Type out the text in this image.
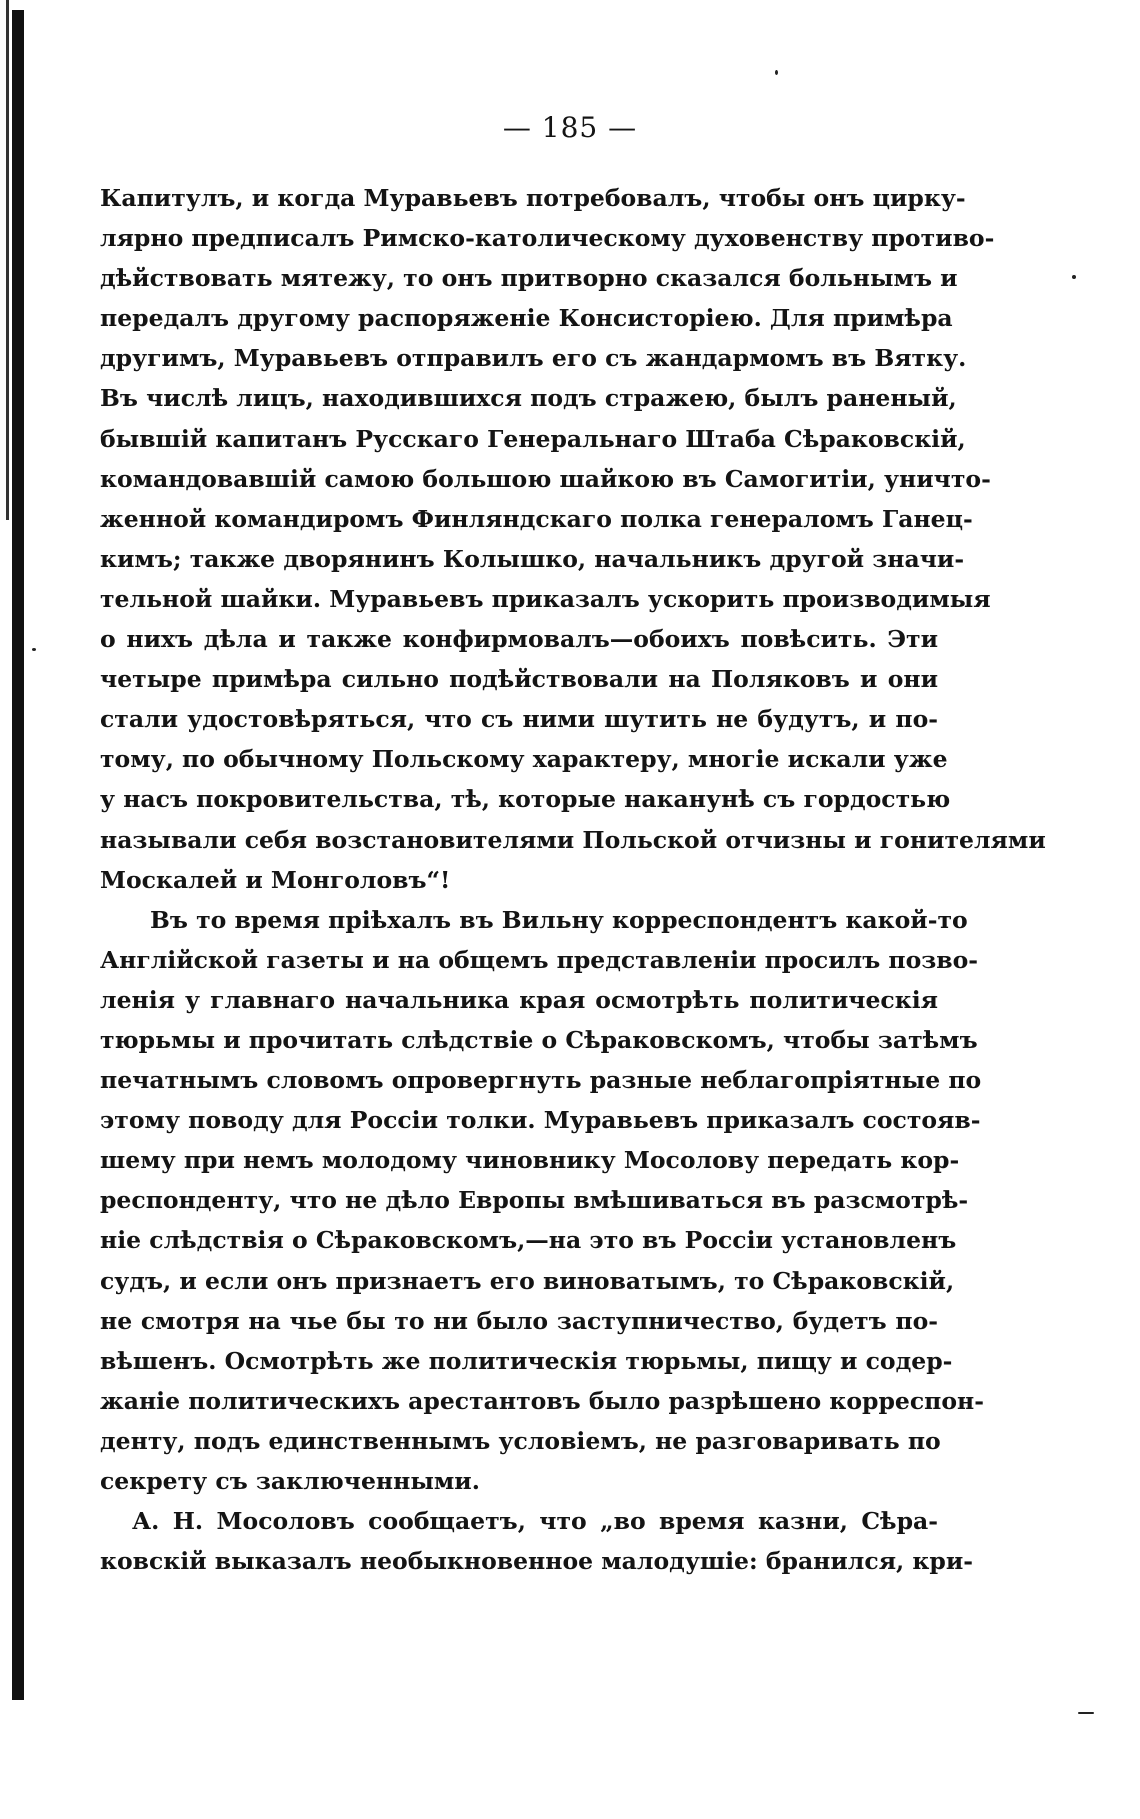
— 185 —
Капитулъ, и когда Муравьевъ потребовалъ, чтобы онъ цирку-
лярно предписалъ Римско-католическому духовенству противо-
дѣйствовать мятежу, то онъ притворно сказался больнымъ и
передалъ другому распоряженіе Консисторіею. Для примѣра
другимъ, Муравьевъ отправилъ его съ жандармомъ въ Вятку.
Въ числѣ лицъ, находившихся подъ стражею, былъ раненый,
бывшій капитанъ Русскаго Генеральнаго Штаба Сѣраковскій,
командовавшій самою большою шайкою въ Самогитіи, уничто-
женной командиромъ Финляндскаго полка генераломъ Ганец-
кимъ; также дворянинъ Колышко, начальникъ другой значи-
тельной шайки. Муравьевъ приказалъ ускорить производимыя
о нихъ дѣла и также конфирмовалъ—обоихъ повѣсить. Эти
четыре примѣра сильно подѣйствовали на Поляковъ и они
стали удостовѣряться, что съ ними шутить не будутъ, и по-
тому, по обычному Польскому характеру, многіе искали уже
у насъ покровительства, тѣ, которые наканунѣ съ гордостью
называли себя возстановителями Польской отчизны и гонителями
Москалей и Монголовъ“!
Въ то время пріѣхалъ въ Вильну корреспондентъ какой-то
Англійской газеты и на общемъ представленіи просилъ позво-
ленія у главнаго начальника края осмотрѣть политическія
тюрьмы и прочитать слѣдствіе о Сѣраковскомъ, чтобы затѣмъ
печатнымъ словомъ опровергнуть разные неблагопріятные по
этому поводу для Россіи толки. Муравьевъ приказалъ состояв-
шему при немъ молодому чиновнику Мосолову передать кор-
респонденту, что не дѣло Европы вмѣшиваться въ разсмотрѣ-
ніе слѣдствія о Сѣраковскомъ,—на это въ Россіи установленъ
судъ, и если онъ признаетъ его виноватымъ, то Сѣраковскій,
не смотря на чье бы то ни было заступничество, будетъ по-
вѣшенъ. Осмотрѣть же политическія тюрьмы, пищу и содер-
жаніе политическихъ арестантовъ было разрѣшено корреспон-
денту, подъ единственнымъ условіемъ, не разговаривать по
секрету съ заключенными.
А. Н. Мосоловъ сообщаетъ, что „во время казни, Сѣра-
ковскій выказалъ необыкновенное малодушіе: бранился, кри-
